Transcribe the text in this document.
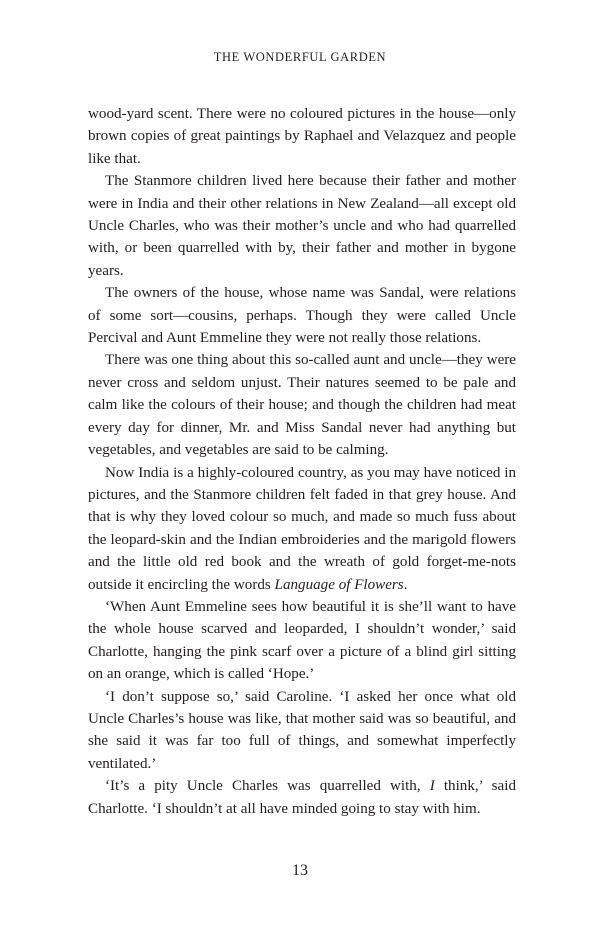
THE WONDERFUL GARDEN

wood-yard scent. There were no coloured pictures in the house—only brown copies of great paintings by Raphael and Velazquez and people like that.

The Stanmore children lived here because their father and mother were in India and their other relations in New Zealand—all except old Uncle Charles, who was their mother’s uncle and who had quarrelled with, or been quarrelled with by, their father and mother in bygone years.

The owners of the house, whose name was Sandal, were relations of some sort—cousins, perhaps. Though they were called Uncle Percival and Aunt Emmeline they were not really those relations.

There was one thing about this so-called aunt and uncle—they were never cross and seldom unjust. Their natures seemed to be pale and calm like the colours of their house; and though the children had meat every day for dinner, Mr. and Miss Sandal never had anything but vegetables, and vegetables are said to be calming.

Now India is a highly-coloured country, as you may have noticed in pictures, and the Stanmore children felt faded in that grey house. And that is why they loved colour so much, and made so much fuss about the leopard-skin and the Indian embroideries and the marigold flowers and the little old red book and the wreath of gold forget-me-nots outside it encircling the words Language of Flowers.

‘When Aunt Emmeline sees how beautiful it is she’ll want to have the whole house scarved and leoparded, I shouldn’t wonder,’ said Charlotte, hanging the pink scarf over a picture of a blind girl sitting on an orange, which is called ‘Hope.’

‘I don’t suppose so,’ said Caroline. ‘I asked her once what old Uncle Charles’s house was like, that mother said was so beautiful, and she said it was far too full of things, and somewhat imperfectly ventilated.’

‘It’s a pity Uncle Charles was quarrelled with, I think,’ said Charlotte. ‘I shouldn’t at all have minded going to stay with him.

13
